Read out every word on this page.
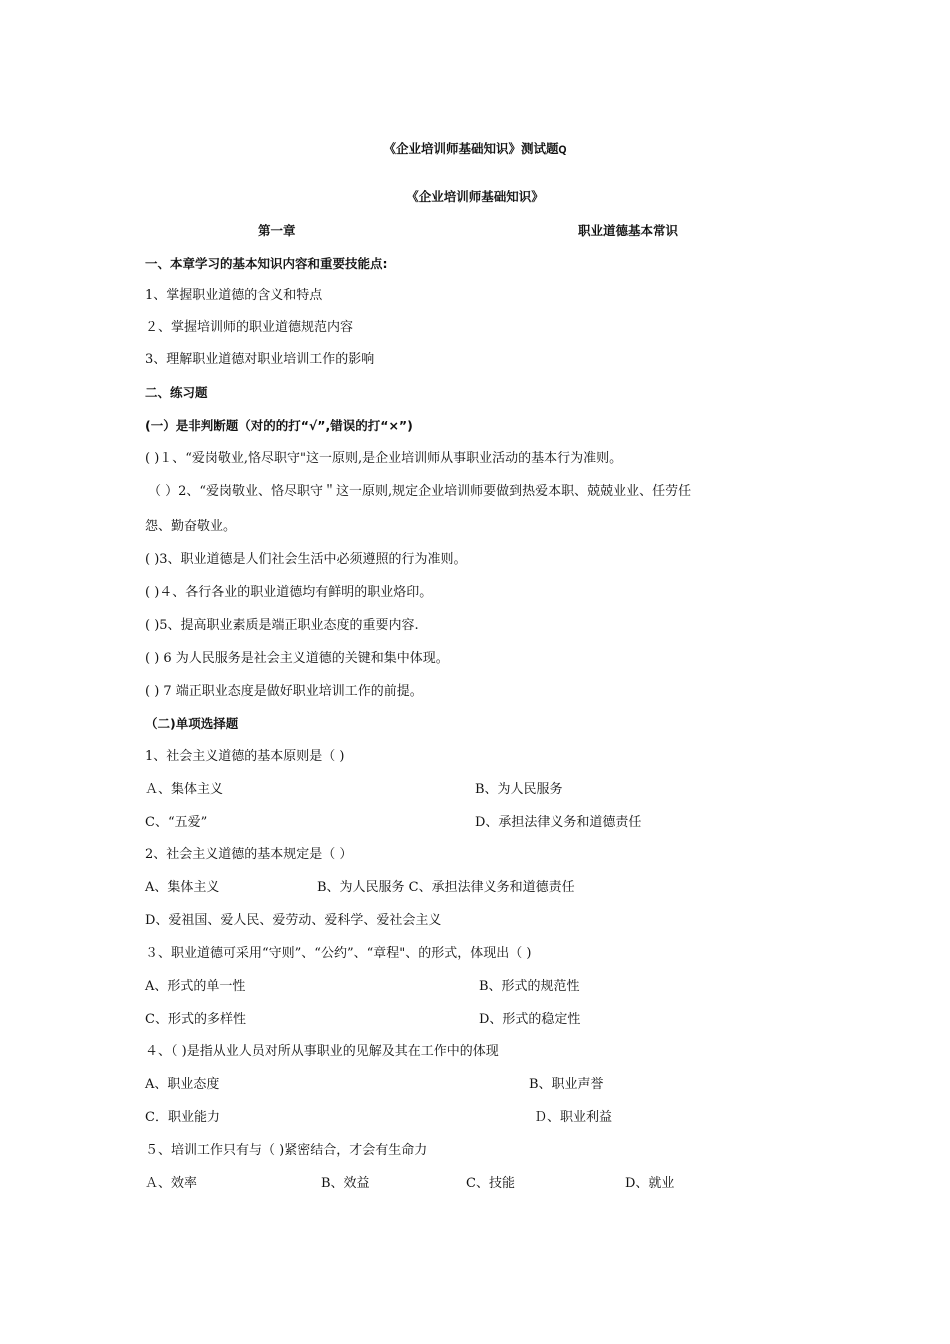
《企业培训师基础知识》测试题ꞯ
《企业培训师基础知识》
第一章	职业道德基本常识
一、本章学习的基本知识内容和重要技能点:
1、掌握职业道德的含义和特点
２、掌握培训师的职业道德规范内容
3、理解职业道德对职业培训工作的影响
二、练习题
(一）是非判断题（对的的打“√”,错误的打“×”)
( )１、“爱岗敬业,恪尽职守"这一原则,是企业培训师从事职业活动的基本行为准则。
（ ）2、“爱岗敬业、恪尽职守＂这一原则,规定企业培训师要做到热爱本职、兢兢业业、任劳任
怨、勤奋敬业。
( )3、职业道德是人们社会生活中必须遵照的行为准则。
( )４、各行各业的职业道德均有鲜明的职业烙印。
( )5、提高职业素质是端正职业态度的重要内容.
( ) 6 为人民服务是社会主义道德的关键和集中体现。
( ) 7 端正职业态度是做好职业培训工作的前提。
（二)单项选择题
1、社会主义道德的基本原则是（ )
Ａ、集体主义	B、为人民服务
C、“五爱”	D、承担法律义务和道德责任
2、社会主义道德的基本规定是（ ）
A、集体主义	B、为人民服务 C、承担法律义务和道德责任
D、爱祖国、爱人民、爱劳动、爱科学、爱社会主义
３、职业道德可采用“守则”、“公约”、“章程"、的形式，体现出（ )
A、形式的单一性	B、形式的规范性
C、形式的多样性	D、形式的稳定性
４、（ )是指从业人员对所从事职业的见解及其在工作中的体现
A、职业态度	B、职业声誉
C．职业能力	Ｄ、职业利益
５、培训工作只有与（ )紧密结合，才会有生命力
Ａ、效率	B、效益	C、技能	D、就业
